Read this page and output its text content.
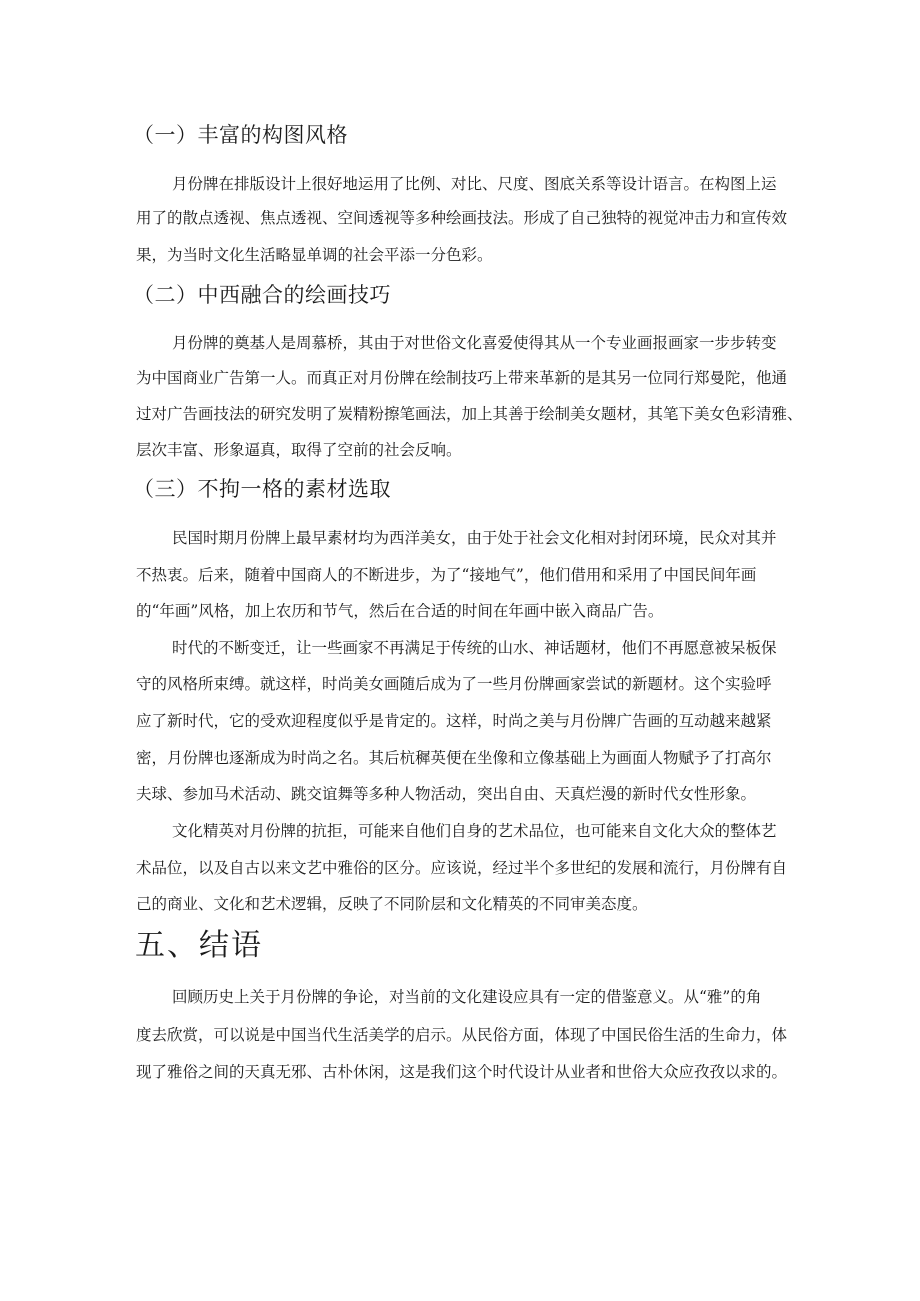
（一）丰富的构图风格
月份牌在排版设计上很好地运用了比例、对比、尺度、图底关系等设计语言。在构图上运
用了的散点透视、焦点透视、空间透视等多种绘画技法。形成了自己独特的视觉冲击力和宣传效
果，为当时文化生活略显单调的社会平添一分色彩。
（二）中西融合的绘画技巧
月份牌的奠基人是周慕桥，其由于对世俗文化喜爱使得其从一个专业画报画家一步步转变
为中国商业广告第一人。而真正对月份牌在绘制技巧上带来革新的是其另一位同行郑曼陀，他通
过对广告画技法的研究发明了炭精粉擦笔画法，加上其善于绘制美女题材，其笔下美女色彩清雅、
层次丰富、形象逼真，取得了空前的社会反响。
（三）不拘一格的素材选取
民国时期月份牌上最早素材均为西洋美女，由于处于社会文化相对封闭环境，民众对其并
不热衷。后来，随着中国商人的不断进步，为了“接地气”，他们借用和采用了中国民间年画
的“年画”风格，加上农历和节气，然后在合适的时间在年画中嵌入商品广告。
时代的不断变迁，让一些画家不再满足于传统的山水、神话题材，他们不再愿意被呆板保
守的风格所束缚。就这样，时尚美女画随后成为了一些月份牌画家尝试的新题材。这个实验呼
应了新时代，它的受欢迎程度似乎是肯定的。这样，时尚之美与月份牌广告画的互动越来越紧
密，月份牌也逐渐成为时尚之名。其后杭穉英便在坐像和立像基础上为画面人物赋予了打高尔
夫球、参加马术活动、跳交谊舞等多种人物活动，突出自由、天真烂漫的新时代女性形象。
文化精英对月份牌的抗拒，可能来自他们自身的艺术品位，也可能来自文化大众的整体艺
术品位，以及自古以来文艺中雅俗的区分。应该说，经过半个多世纪的发展和流行，月份牌有自
己的商业、文化和艺术逻辑，反映了不同阶层和文化精英的不同审美态度。
五、结语
回顾历史上关于月份牌的争论，对当前的文化建设应具有一定的借鉴意义。从“雅”的角
度去欣赏，可以说是中国当代生活美学的启示。从民俗方面，体现了中国民俗生活的生命力，体
现了雅俗之间的天真无邪、古朴休闲，这是我们这个时代设计从业者和世俗大众应孜孜以求的。
